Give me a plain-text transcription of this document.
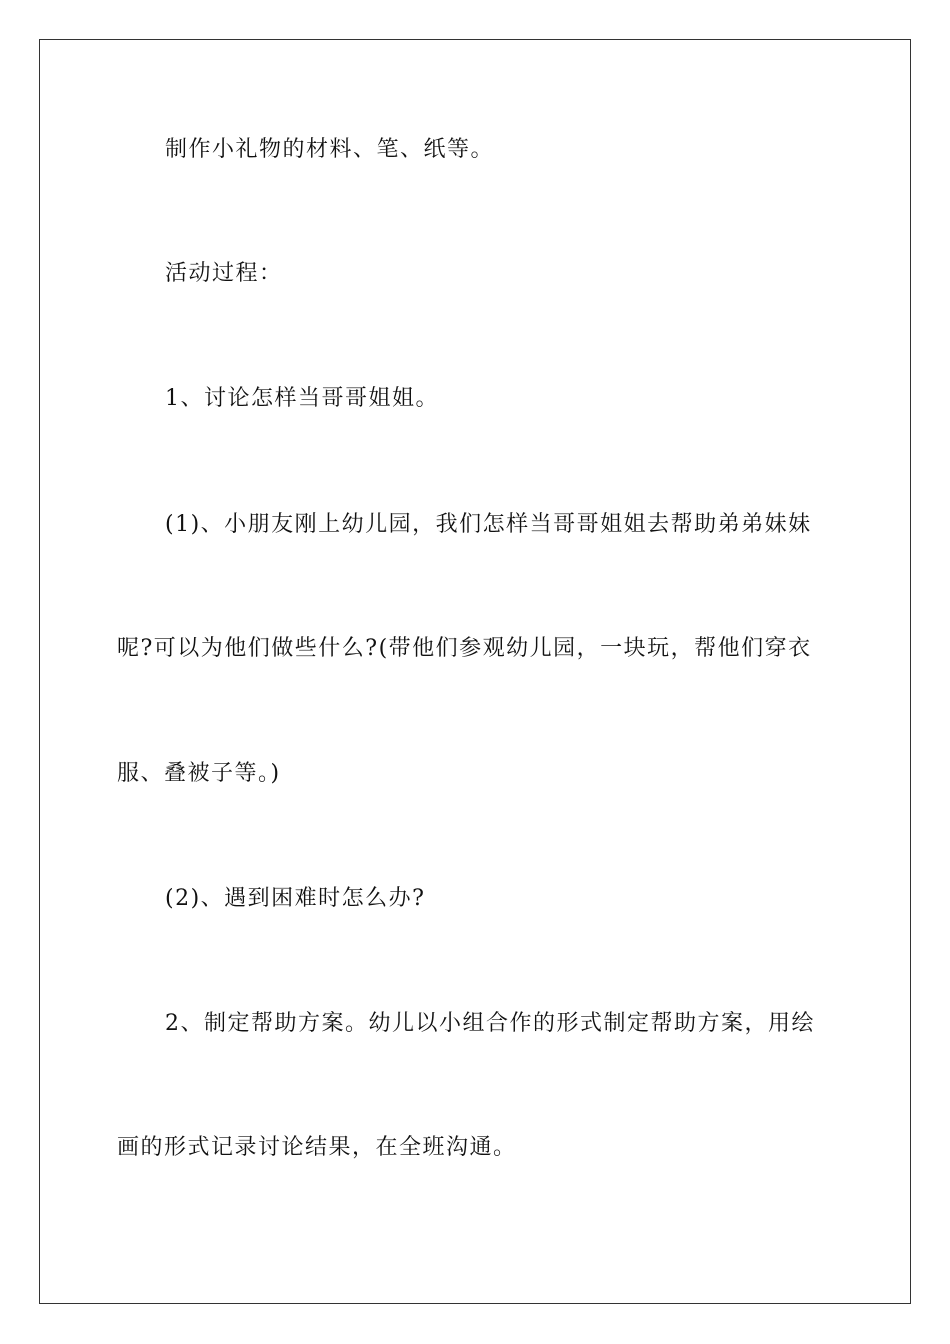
制作小礼物的材料、笔、纸等。
活动过程：
1、讨论怎样当哥哥姐姐。
(1)、小朋友刚上幼儿园，我们怎样当哥哥姐姐去帮助弟弟妹妹
呢?可以为他们做些什么?(带他们参观幼儿园，一块玩，帮他们穿衣
服、叠被子等。)
(2)、遇到困难时怎么办?
2、制定帮助方案。幼儿以小组合作的形式制定帮助方案，用绘
画的形式记录讨论结果，在全班沟通。
